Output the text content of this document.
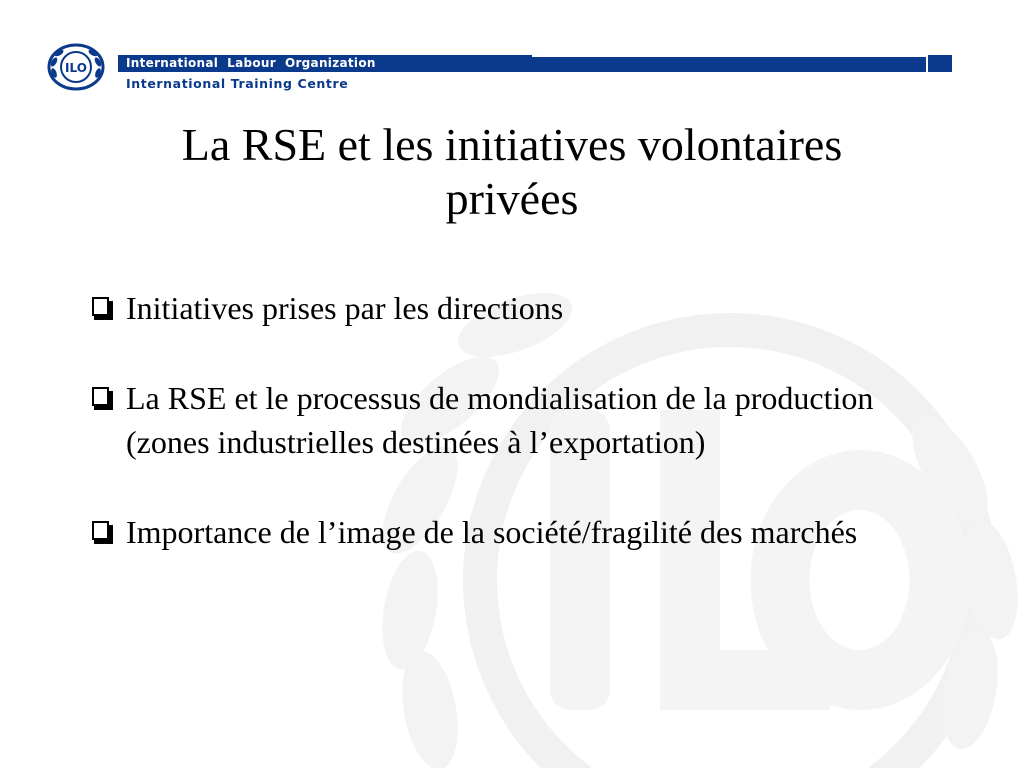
ILO	International  Labour  Organization
International Training Centre
La RSE et les initiatives volontaires
privées
Initiatives prises par les directions
La RSE et le processus de mondialisation de la production (zones industrielles destinées à l’exportation)
Importance de l’image de la société/fragilité des marchés
